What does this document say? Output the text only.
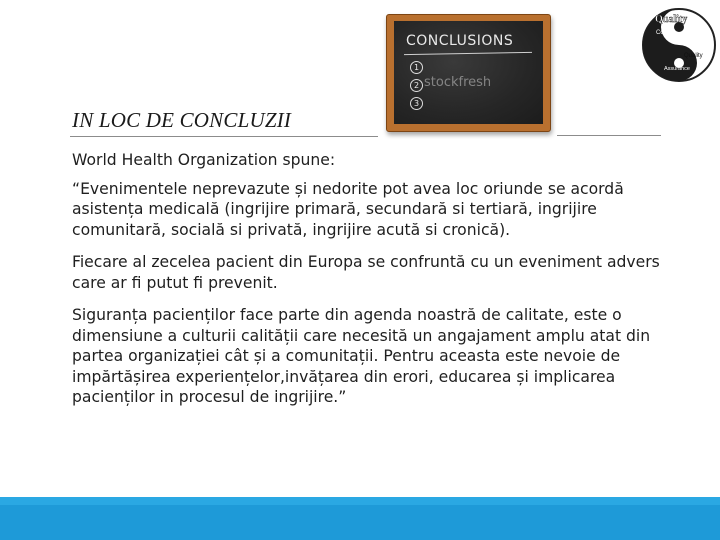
CONCLUSIONS
1
2
3
stockfresh
Quality
Control
Quality
Assurance
IN LOC DE CONCLUZII

World Health Organization spune:

“Evenimentele neprevazute și nedorite pot avea loc oriunde se acordă asistența medicală (ingrijire primară, secundară si tertiară, ingrijire comunitară, socială si privată, ingrijire acută si cronică).

Fiecare al zecelea pacient din Europa se confruntă cu un eveniment advers care ar fi putut fi prevenit.

Siguranța pacienților face parte din agenda noastră de calitate, este o dimensiune a culturii calității care necesită un angajament amplu atat din partea organizației cât și a comunitații. Pentru aceasta este nevoie de impărtășirea experiențelor,invățarea din erori, educarea și implicarea pacienților in procesul de ingrijire.”
